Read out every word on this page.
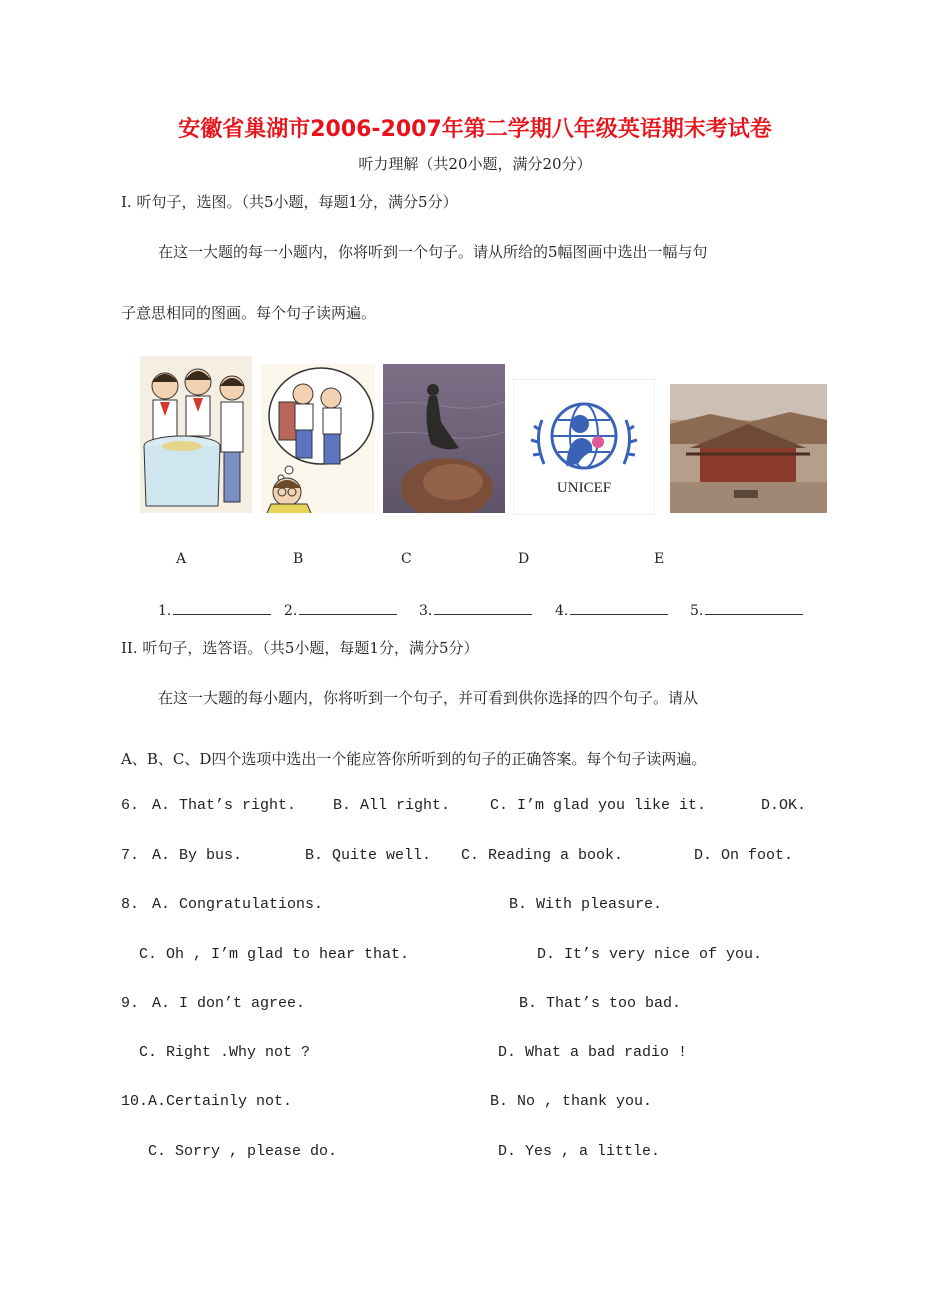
安徽省巢湖市2006-2007年第二学期八年级英语期末考试卷
听力理解（共20小题，满分20分）
I. 听句子，选图。（共5小题，每题1分，满分5分）
在这一大题的每一小题内，你将听到一个句子。请从所给的5幅图画中选出一幅与句
子意思相同的图画。每个句子读两遍。
UNICEF
A	B	C	D	E
1.	2.	3.	4.	5.
II. 听句子，选答语。（共5小题，每题1分，满分5分）
在这一大题的每小题内，你将听到一个句子，并可看到供你选择的四个句子。请从
A、B、C、D四个选项中选出一个能应答你所听到的句子的正确答案。每个句子读两遍。
6. A. That’s right. B. All right.	C. I’m glad you like it.	D.OK.
7. A. By bus.	B. Quite well. C. Reading a book.	D. On foot.
8. A. Congratulations.	B. With pleasure.
C. Oh , I’m glad to hear that.	D. It’s very nice of you.
9. A. I don’t agree.	B. That’s too bad.
C. Right .Why not ?	D. What a bad radio !
10. A.Certainly not.	B. No , thank you.
C. Sorry , please do.	D. Yes , a little.
